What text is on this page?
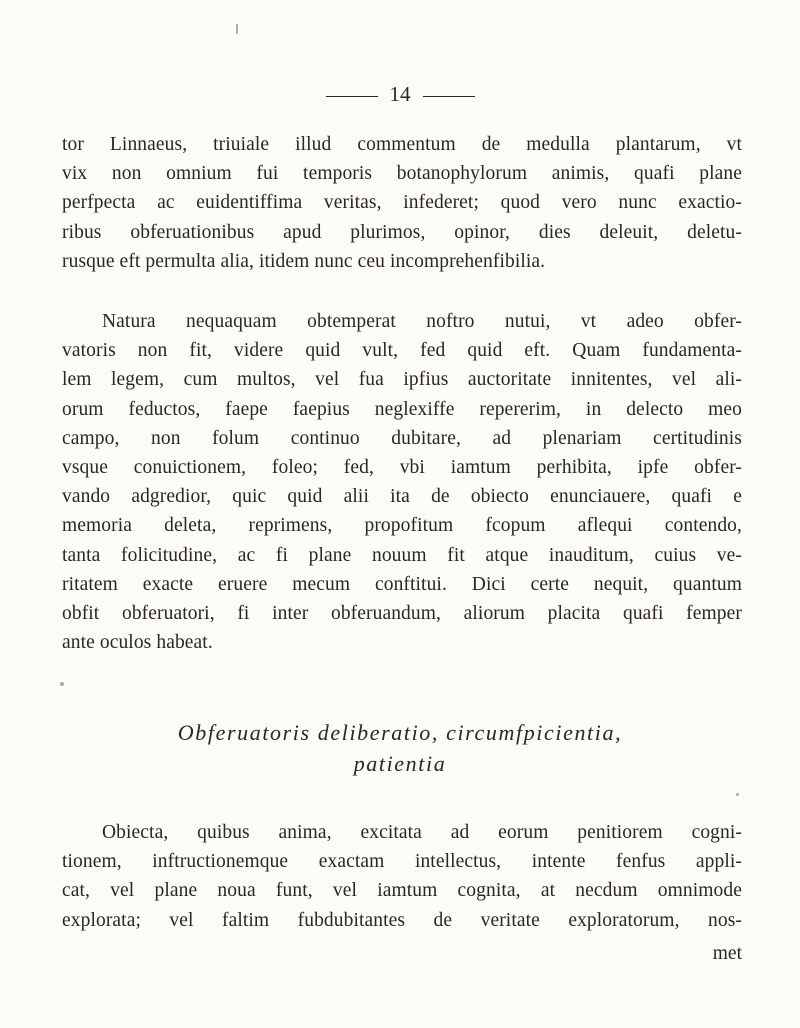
14
tor Linnaeus, triuiale illud commentum de medulla plantarum, vt
vix non omnium fui temporis botanophylorum animis, quafi plane
perfpecta ac euidentiffima veritas, infederet; quod vero nunc exactio-
ribus obferuationibus apud plurimos, opinor, dies deleuit, deletu-
rusque eft permulta alia, itidem nunc ceu incomprehenfibilia.
Natura nequaquam obtemperat noftro nutui, vt adeo obfer-
vatoris non fit, videre quid vult, fed quid eft. Quam fundamenta-
lem legem, cum multos, vel fua ipfius auctoritate innitentes, vel ali-
orum feductos, faepe faepius neglexiffe repererim, in delecto meo
campo, non folum continuo dubitare, ad plenariam certitudinis
vsque conuictionem, foleo; fed, vbi iamtum perhibita, ipfe obfer-
vando adgredior, quic quid alii ita de obiecto enunciauere, quafi e
memoria deleta, reprimens, propofitum fcopum aflequi contendo,
tanta folicitudine, ac fi plane nouum fit atque inauditum, cuius ve-
ritatem exacte eruere mecum conftitui. Dici certe nequit, quantum
obfit obferuatori, fi inter obferuandum, aliorum placita quafi femper
ante oculos habeat.
Obferuatoris deliberatio, circumfpicientia,
patientia
Obiecta, quibus anima, excitata ad eorum penitiorem cogni-
tionem, inftructionemque exactam intellectus, intente fenfus appli-
cat, vel plane noua funt, vel iamtum cognita, at necdum omnimode
explorata; vel faltim fubdubitantes de veritate exploratorum, nos-
met
